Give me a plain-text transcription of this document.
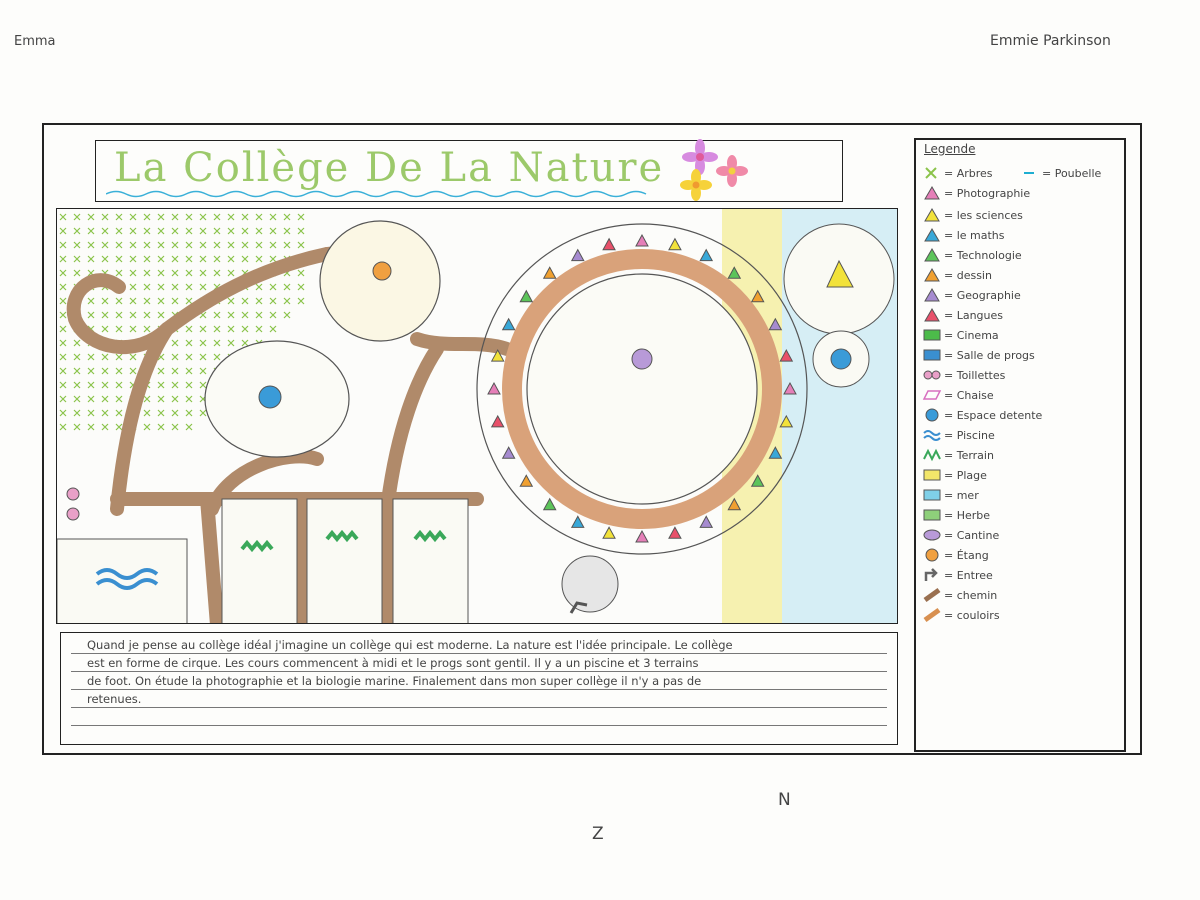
Emma	Emmie Parkinson
La Collège De La Nature	Legende
= Arbres	= Poubelle
= Photographie
= les sciences
= le maths
= Technologie
= dessin
= Geographie
= Langues
= Cinema
= Salle de progs
= Toillettes
= Chaise
= Espace detente
= Piscine
= Terrain
= Plage
= mer
= Herbe
= Cantine
= Étang
= Entree
= chemin
= couloirs
Quand je pense au collège idéal j'imagine un collège qui est moderne. La nature est l'idée principale. Le collège
est en forme de cirque. Les cours commencent à midi et le progs sont gentil. Il y a un piscine et 3 terrains
de foot. On étude la photographie et la biologie marine. Finalement dans mon super collège il n'y a pas de
retenues.
N
Z
